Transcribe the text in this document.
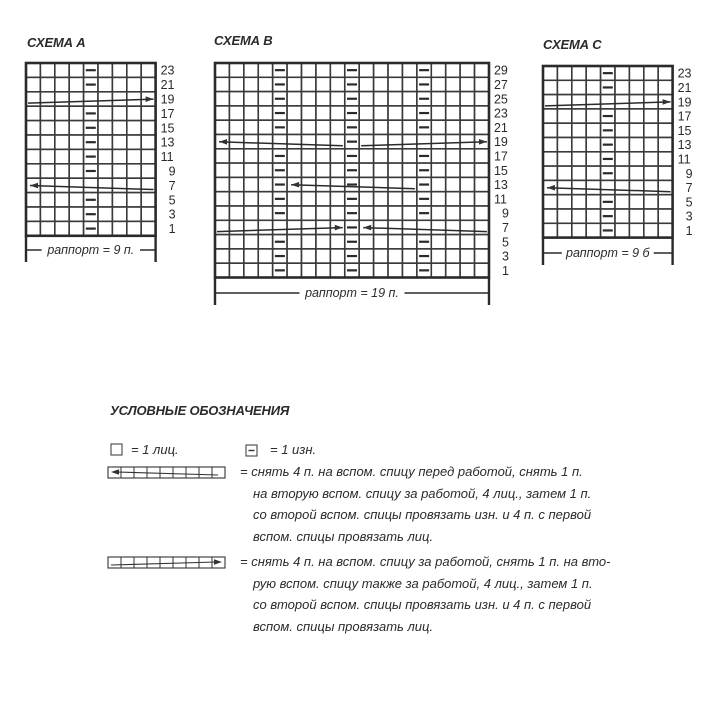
СХЕМА А	СХЕМА В	СХЕМА С
23
21
19
17
15
13
11
9
7
5
3
1
раппорт = 9 п.
29
27
25
23
21
19
17
15
13
11
9
7
5
3
1
раппорт = 19 п.
23
21
19
17
15
13
11
9
7
5
3
1
раппорт = 9 б
УСЛОВНЫЕ ОБОЗНАЧЕНИЯ
= 1 лиц.	= 1 изн.
= снять 4 п. на вспом. спицу перед работой, снять 1 п.
на вторую вспом. спицу за работой, 4 лиц., затем 1 п.
со второй вспом. спицы провязать изн. и 4 п. с первой
вспом. спицы провязать лиц.
= снять 4 п. на вспом. спицу за работой, снять 1 п. на вто-
рую вспом. спицу также за работой, 4 лиц., затем 1 п.
со второй вспом. спицы провязать изн. и 4 п. с первой
вспом. спицы провязать лиц.
